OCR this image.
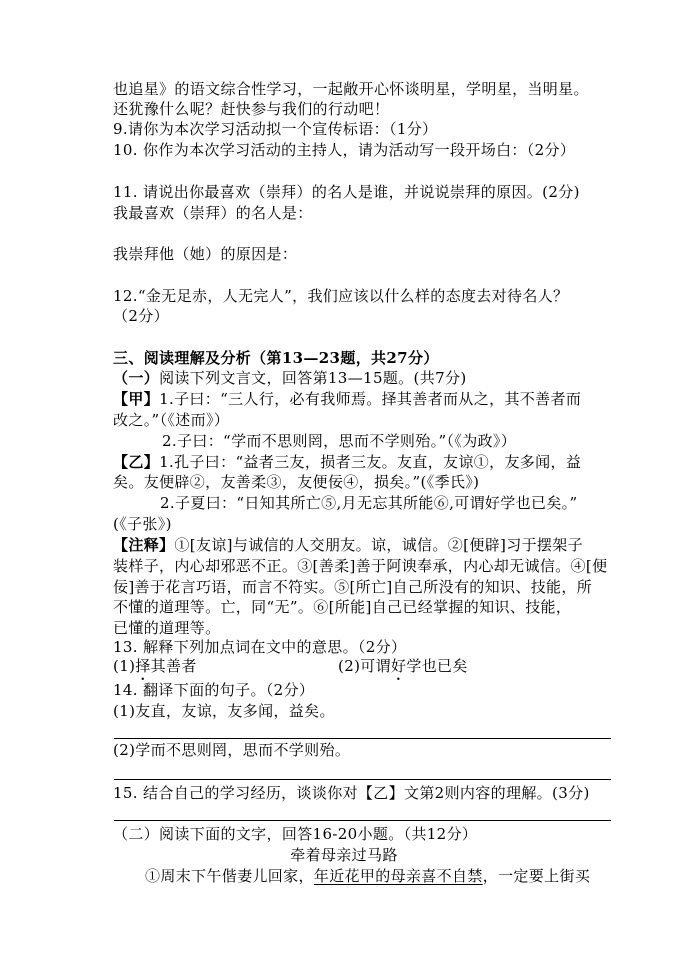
也追星》的语文综合性学习，一起敞开心怀谈明星，学明星，当明星。
还犹豫什么呢？赶快参与我们的行动吧！
9.请你为本次学习活动拟一个宣传标语：（1分）
10. 你作为本次学习活动的主持人，请为活动写一段开场白：（2分）
11. 请说出你最喜欢（崇拜）的名人是谁，并说说崇拜的原因。(2分)
我最喜欢（崇拜）的名人是：
我崇拜他（她）的原因是：
12.“金无足赤，人无完人”，我们应该以什么样的态度去对待名人？
（2分）
三、阅读理解及分析（第13—23题，共27分）
（一）阅读下列文言文，回答第13—15题。(共7分)
【甲】1.子曰：“三人行，必有我师焉。择其善者而从之，其不善者而
改之。”（《述而》）
2.子曰：“学而不思则罔，思而不学则殆。”（《为政》）
【乙】1.孔子曰：“益者三友，损者三友。友直，友谅①，友多闻，益
矣。友便辟②，友善柔③，友便佞④，损矣。”(《季氏》)
2.子夏曰：“日知其所亡⑤,月无忘其所能⑥,可谓好学也已矣。”
(《子张》)
【注释】①[友谅]与诚信的人交朋友。谅，诚信。②[便辟]习于摆架子
装样子，内心却邪恶不正。③[善柔]善于阿谀奉承，内心却无诚信。④[便
佞]善于花言巧语，而言不符实。⑤[所亡]自己所没有的知识、技能，所
不懂的道理等。亡，同“无”。⑥[所能]自己已经掌握的知识、技能，
已懂的道理等。
13. 解释下列加点词在文中的意思。（2分）
(1)择其善者	(2)可谓好学也已矣
14. 翻译下面的句子。（2分）
(1)友直，友谅，友多闻，益矣。
(2)学而不思则罔，思而不学则殆。
15. 结合自己的学习经历，谈谈你对【乙】文第2则内容的理解。(3分)
（二）阅读下面的文字，回答16-20小题。（共12分）
牵着母亲过马路
①周末下午偕妻儿回家，年近花甲的母亲喜不自禁，一定要上街买
